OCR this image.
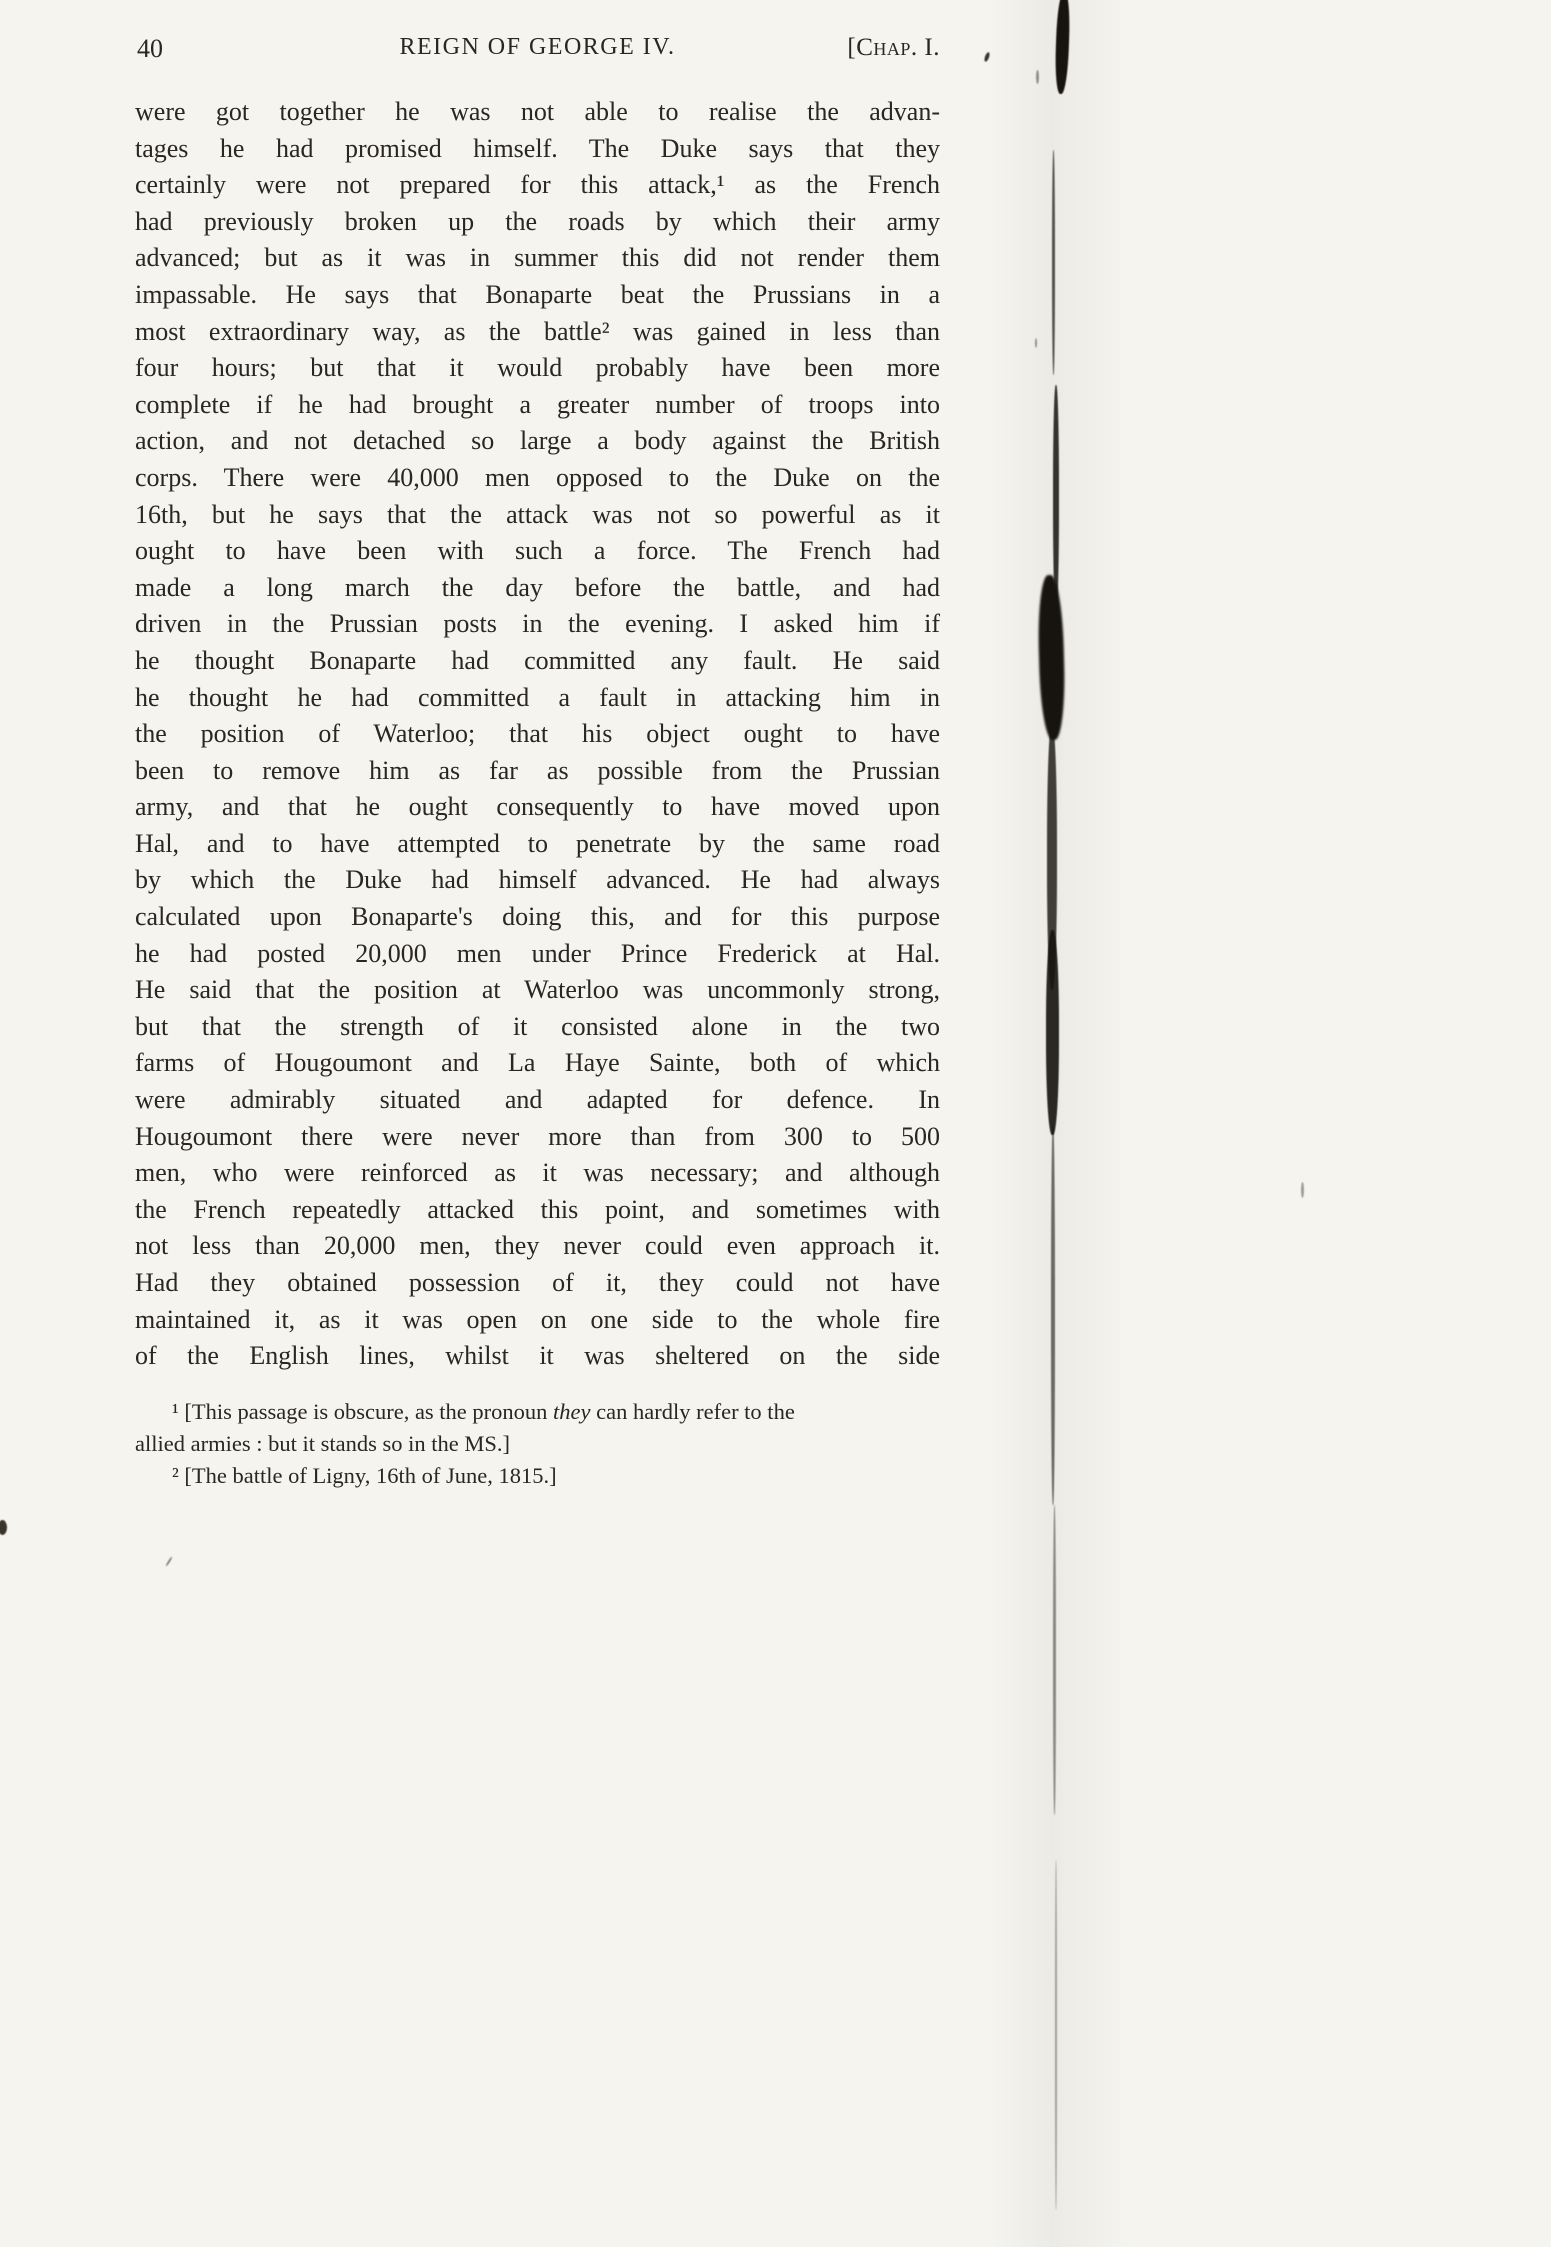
40	REIGN OF GEORGE IV.	[Chap. I.
were got together he was not able to realise the advan-
tages he had promised himself. The Duke says that they
certainly were not prepared for this attack,¹ as the French
had previously broken up the roads by which their army
advanced; but as it was in summer this did not render them
impassable. He says that Bonaparte beat the Prussians in a
most extraordinary way, as the battle² was gained in less than
four hours; but that it would probably have been more
complete if he had brought a greater number of troops into
action, and not detached so large a body against the British
corps. There were 40,000 men opposed to the Duke on the
16th, but he says that the attack was not so powerful as it
ought to have been with such a force. The French had
made a long march the day before the battle, and had
driven in the Prussian posts in the evening. I asked him if
he thought Bonaparte had committed any fault. He said
he thought he had committed a fault in attacking him in
the position of Waterloo; that his object ought to have
been to remove him as far as possible from the Prussian
army, and that he ought consequently to have moved upon
Hal, and to have attempted to penetrate by the same road
by which the Duke had himself advanced. He had always
calculated upon Bonaparte's doing this, and for this purpose
he had posted 20,000 men under Prince Frederick at Hal.
He said that the position at Waterloo was uncommonly strong,
but that the strength of it consisted alone in the two
farms of Hougoumont and La Haye Sainte, both of which
were admirably situated and adapted for defence. In
Hougoumont there were never more than from 300 to 500
men, who were reinforced as it was necessary; and although
the French repeatedly attacked this point, and sometimes with
not less than 20,000 men, they never could even approach it.
Had they obtained possession of it, they could not have
maintained it, as it was open on one side to the whole fire
of the English lines, whilst it was sheltered on the side

¹ [This passage is obscure, as the pronoun they can hardly refer to the

allied armies : but it stands so in the MS.]

² [The battle of Ligny, 16th of June, 1815.]
